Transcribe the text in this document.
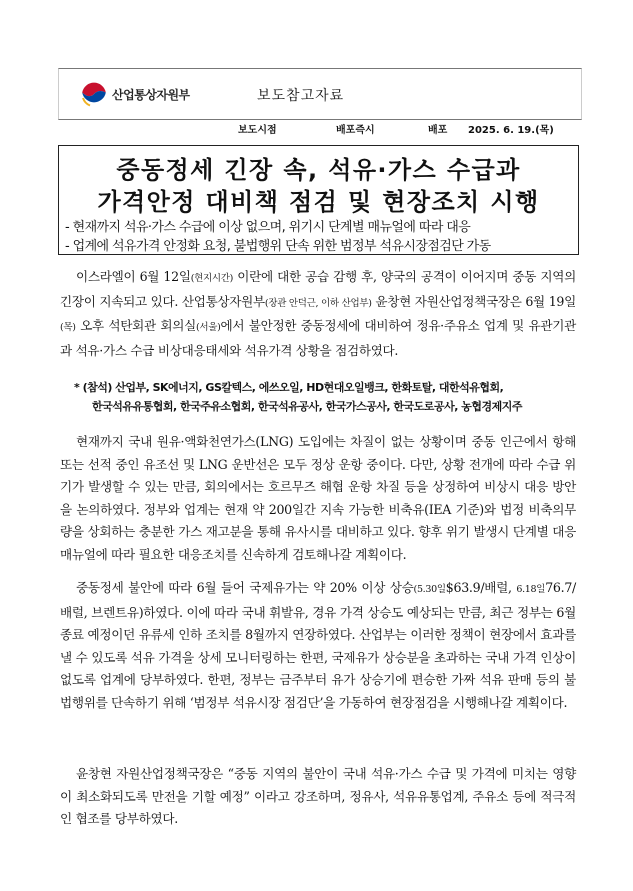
산업통상자원부	보도참고자료
보도시점	배포즉시	배포 2025. 6. 19.(목)
중동정세 긴장 속, 석유·가스 수급과
가격안정 대비책 점검 및 현장조치 시행
- 현재까지 석유·가스 수급에 이상 없으며, 위기시 단계별 매뉴얼에 따라 대응
- 업계에 석유가격 안정화 요청, 불법행위 단속 위한 범정부 석유시장점검단 가동
이스라엘이 6월 12일(현지시간) 이란에 대한 공습 감행 후, 양국의 공격이 이어지며 중동 지역의 긴장이 지속되고 있다. 산업통상자원부(장관 안덕근, 이하 산업부) 윤창현 자원산업정책국장은 6월 19일(목) 오후 석탄회관 회의실(서울)에서 불안정한 중동정세에 대비하여 정유·주유소 업계 및 유관기관과 석유·가스 수급 비상대응태세와 석유가격 상황을 점검하였다.
* (참석) 산업부, SK에너지, GS칼텍스, 에쓰오일, HD현대오일뱅크, 한화토탈, 대한석유협회,
한국석유유통협회, 한국주유소협회, 한국석유공사, 한국가스공사, 한국도로공사, 농협경제지주
현재까지 국내 원유·액화천연가스(LNG) 도입에는 차질이 없는 상황이며 중동 인근에서 항해 또는 선적 중인 유조선 및 LNG 운반선은 모두 정상 운항 중이다. 다만, 상황 전개에 따라 수급 위기가 발생할 수 있는 만큼, 회의에서는 호르무즈 해협 운항 차질 등을 상정하여 비상시 대응 방안을 논의하였다. 정부와 업계는 현재 약 200일간 지속 가능한 비축유(IEA 기준)와 법정 비축의무량을 상회하는 충분한 가스 재고분을 통해 유사시를 대비하고 있다. 향후 위기 발생시 단계별 대응 매뉴얼에 따라 필요한 대응조치를 신속하게 검토해나갈 계획이다.
중동정세 불안에 따라 6월 들어 국제유가는 약 20% 이상 상승(5.30일$63.9/배럴, 6.18일76.7/배럴, 브렌트유)하였다. 이에 따라 국내 휘발유, 경유 가격 상승도 예상되는 만큼, 최근 정부는 6월 종료 예정이던 유류세 인하 조치를 8월까지 연장하였다. 산업부는 이러한 정책이 현장에서 효과를 낼 수 있도록 석유 가격을 상세 모니터링하는 한편, 국제유가 상승분을 초과하는 국내 가격 인상이 없도록 업계에 당부하였다. 한편, 정부는 금주부터 유가 상승기에 편승한 가짜 석유 판매 등의 불법행위를 단속하기 위해 ‘범정부 석유시장 점검단’을 가동하여 현장점검을 시행해나갈 계획이다.
윤창현 자원산업정책국장은 “중동 지역의 불안이 국내 석유·가스 수급 및 가격에 미치는 영향이 최소화되도록 만전을 기할 예정” 이라고 강조하며, 정유사, 석유유통업계, 주유소 등에 적극적인 협조를 당부하였다.
